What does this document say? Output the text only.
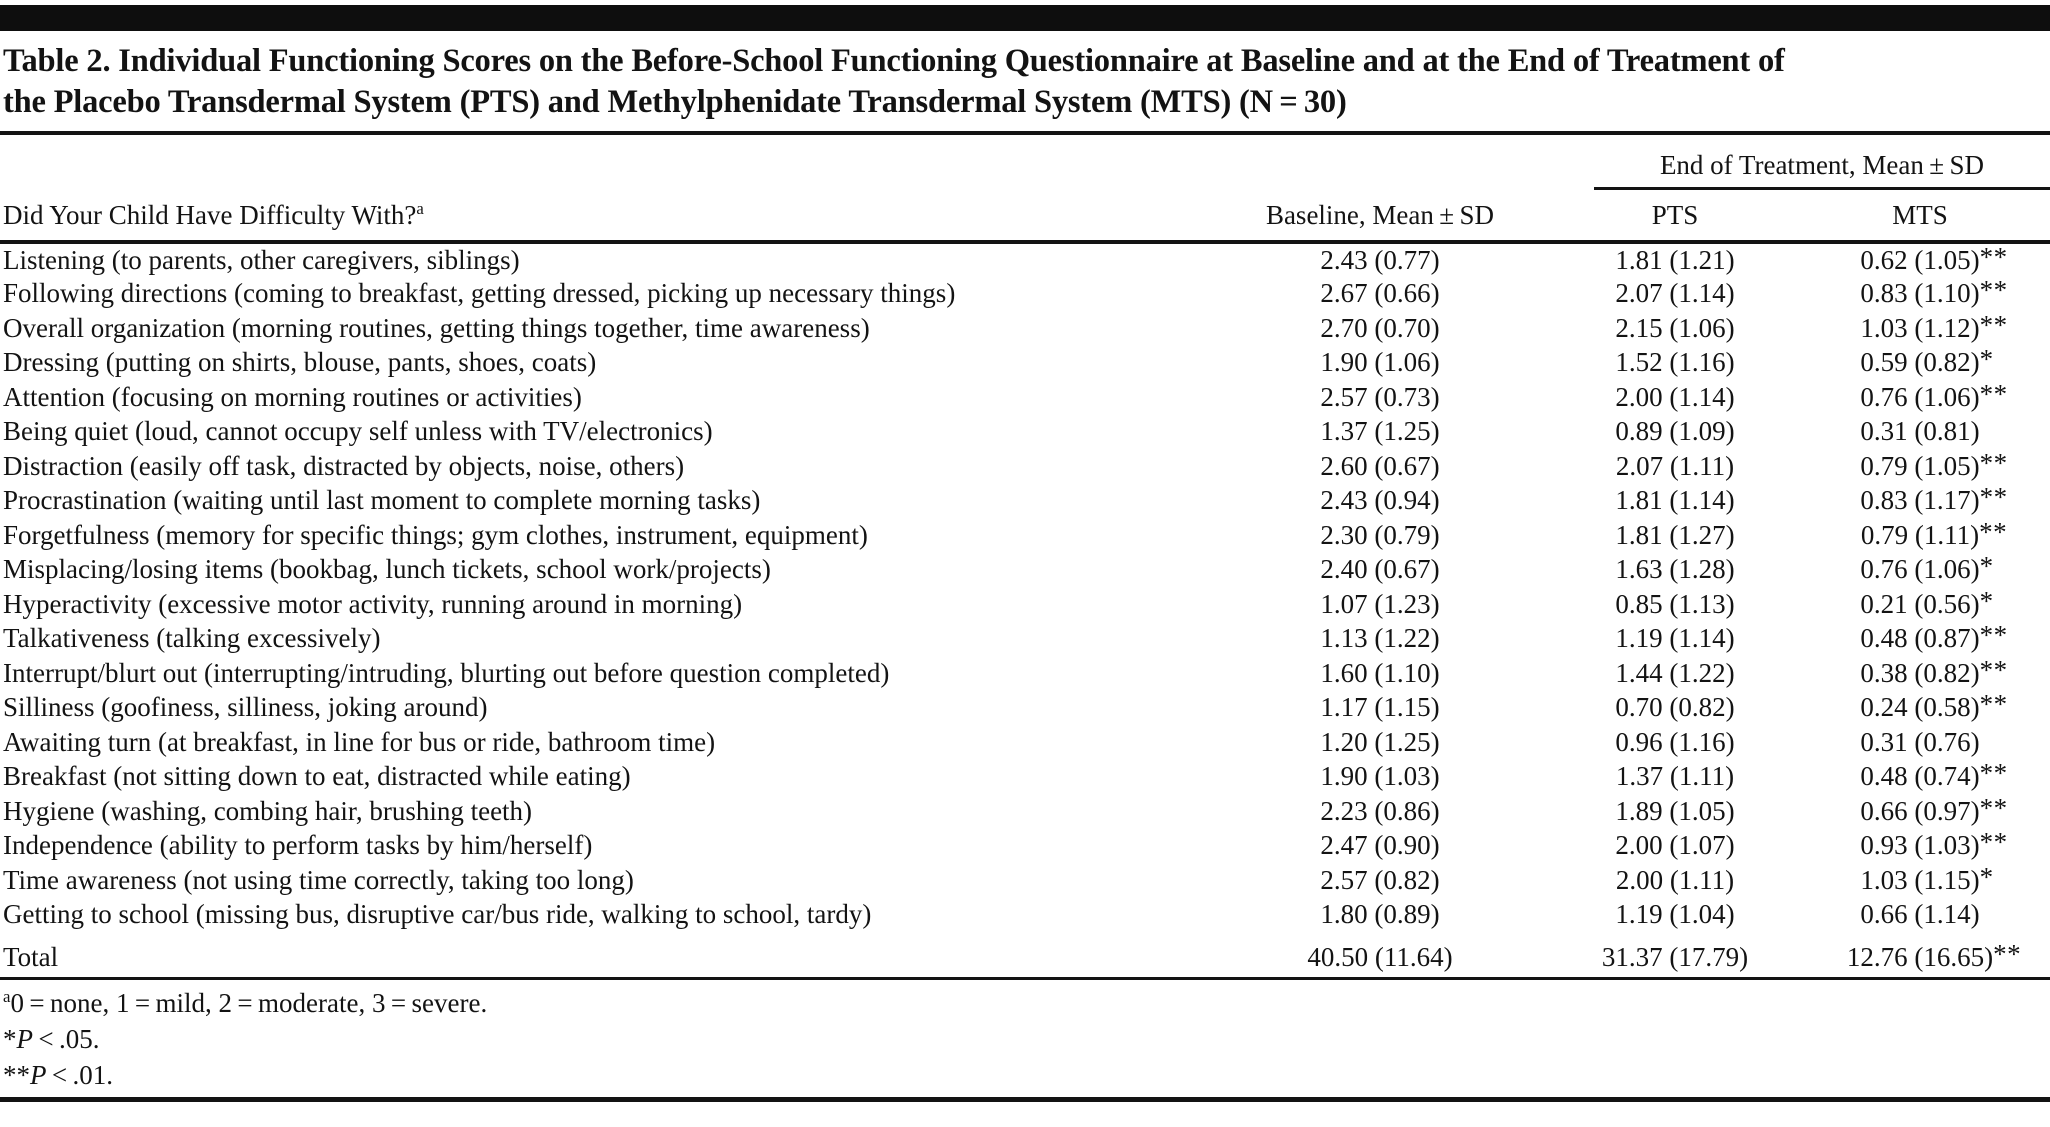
Table 2. Individual Functioning Scores on the Before-School Functioning Questionnaire at Baseline and at the End of Treatment of
the Placebo Transdermal System (PTS) and Methylphenidate Transdermal System (MTS) (N = 30)

		End of Treatment, Mean ± SD	

Did Your Child Have Difficulty With?$^a$	Baseline, Mean ± SD	PTS	MTS
Listening (to parents, other caregivers, siblings)	2.43 (0.77)	1.81 (1.21)	0.62 (1.05) **

Following directions (coming to breakfast, getting dressed, picking up necessary things)	2.67 (0.66)	2.07 (1.14)	0.83 (1.10) **

Overall organization (morning routines, getting things together, time awareness)	2.70 (0.70)	2.15 (1.06)	1.03 (1.12) **

Dressing (putting on shirts, blouse, pants, shoes, coats)	1.90 (1.06)	1.52 (1.16)	0.59 (0.82) *

Attention (focusing on morning routines or activities)	2.57 (0.73)	2.00 (1.14)	0.76 (1.06) **

Being quiet (loud, cannot occupy self unless with TV/electronics)	1.37 (1.25)	0.89 (1.09)	0.31 (0.81)

Distraction (easily off task, distracted by objects, noise, others)	2.60 (0.67)	2.07 (1.11)	0.79 (1.05) **

Procrastination (waiting until last moment to complete morning tasks)	2.43 (0.94)	1.81 (1.14)	0.83 (1.17) **

Forgetfulness (memory for specific things; gym clothes, instrument, equipment)	2.30 (0.79)	1.81 (1.27)	0.79 (1.11) **

Misplacing/losing items (bookbag, lunch tickets, school work/projects)	2.40 (0.67)	1.63 (1.28)	0.76 (1.06) *

Hyperactivity (excessive motor activity, running around in morning)	1.07 (1.23)	0.85 (1.13)	0.21 (0.56) *

Talkativeness (talking excessively)	1.13 (1.22)	1.19 (1.14)	0.48 (0.87) **

Interrupt/blurt out (interrupting/intruding, blurting out before question completed)	1.60 (1.10)	1.44 (1.22)	0.38 (0.82) **

Silliness (goofiness, silliness, joking around)	1.17 (1.15)	0.70 (0.82)	0.24 (0.58) **

Awaiting turn (at breakfast, in line for bus or ride, bathroom time)	1.20 (1.25)	0.96 (1.16)	0.31 (0.76)

Breakfast (not sitting down to eat, distracted while eating)	1.90 (1.03)	1.37 (1.11)	0.48 (0.74) **

Hygiene (washing, combing hair, brushing teeth)	2.23 (0.86)	1.89 (1.05)	0.66 (0.97) **

Independence (ability to perform tasks by him/herself)	2.47 (0.90)	2.00 (1.07)	0.93 (1.03) **

Time awareness (not using time correctly, taking too long)	2.57 (0.82)	2.00 (1.11)	1.03 (1.15) *

Getting to school (missing bus, disruptive car/bus ride, walking to school, tardy)	1.80 (0.89)	1.19 (1.04)	0.66 (1.14)

Total	40.50 (11.64)	31.37 (17.79)	12.76 (16.65) **
$^a$0 = none, 1 = mild, 2 = moderate, 3 = severe.
*P < .05.
**P < .01.
